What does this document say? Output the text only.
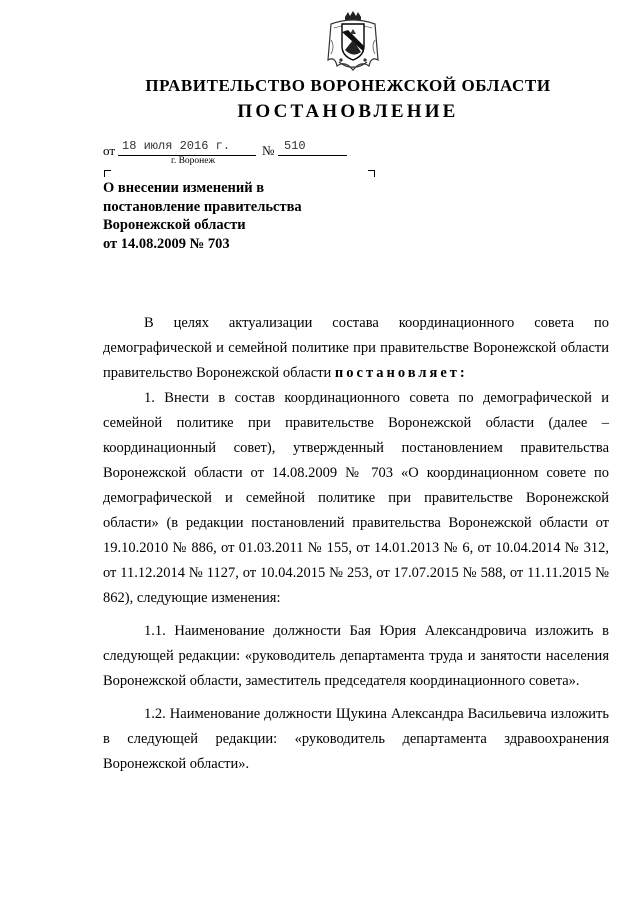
ПРАВИТЕЛЬСТВО ВОРОНЕЖСКОЙ ОБЛАСТИ
ПОСТАНОВЛЕНИЕ
от 18 июля 2016 г. № 510
г. Воронеж
О внесении изменений в
постановление правительства
Воронежской области
от 14.08.2009 № 703

В целях актуализации состава координационного совета по демографической и семейной политике при правительстве Воронежской области правительство Воронежской области постановляет:

1. Внести в состав координационного совета по демографической и семейной политике при правительстве Воронежской области (далее – координационный совет), утвержденный постановлением правительства Воронежской области от 14.08.2009 № 703 «О координационном совете по демографической и семейной политике при правительстве Воронежской области» (в редакции постановлений правительства Воронежской области от 19.10.2010 № 886, от 01.03.2011 № 155, от 14.01.2013 № 6, от 10.04.2014 № 312, от 11.12.2014 № 1127, от 10.04.2015 № 253, от 17.07.2015 № 588, от 11.11.2015 № 862), следующие изменения:

1.1. Наименование должности Бая Юрия Александровича изложить в следующей редакции: «руководитель департамента труда и занятости населения Воронежской области, заместитель председателя координационного совета».

1.2. Наименование должности Щукина Александра Васильевича изложить в следующей редакции: «руководитель департамента здравоохранения Воронежской области».
